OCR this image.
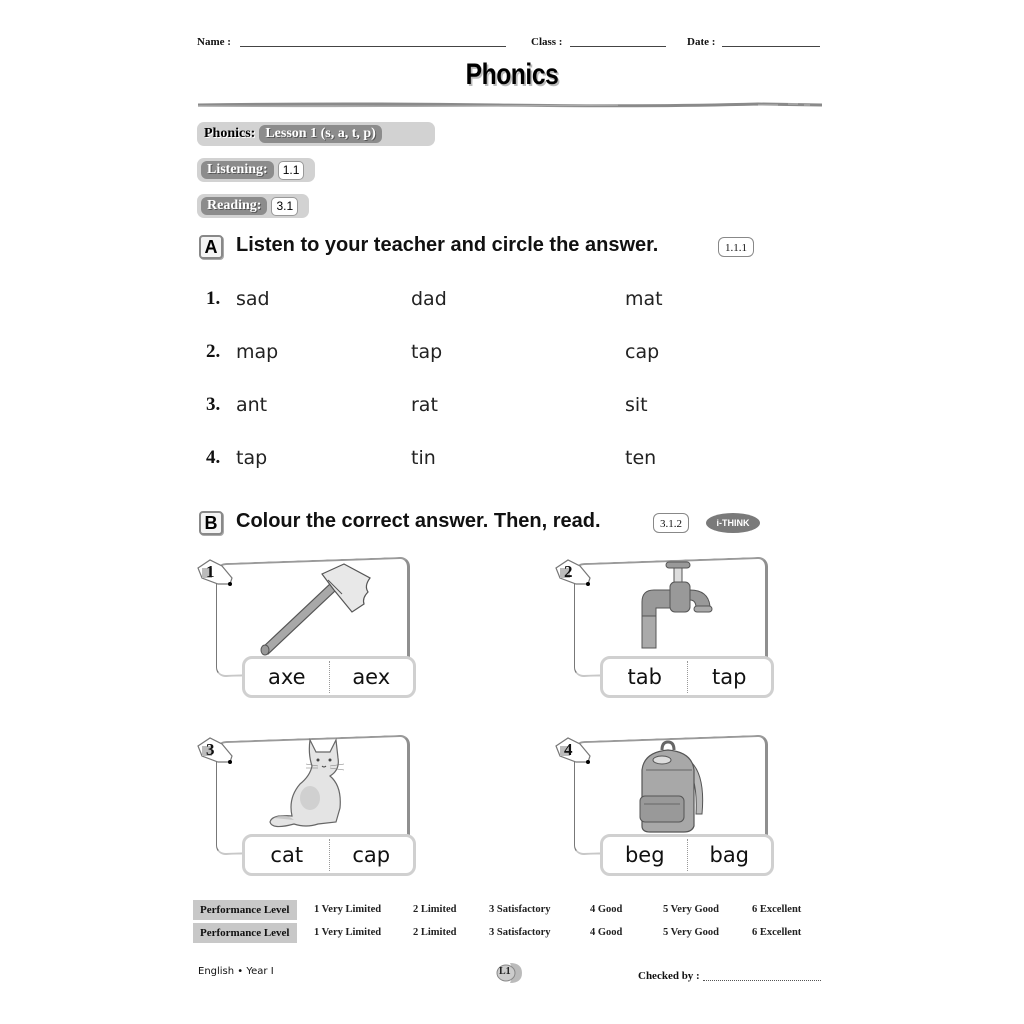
Name :	Class :	Date :
Phonics
Phonics: Lesson 1 (s, a, t, p)
Listening:	1.1
Reading:	3.1
A Listen to your teacher and circle the answer.	1.1.1
1. sad	dad	mat
2. map	tap	cap
3. ant	rat	sit
4. tap	tin	ten
B Colour the correct answer. Then, read.	3.1.2	i-THINK
1
axe	aex
2
tab	tap
3
cat	cap
4
beg	bag
Performance Level	1 Very Limited	2 Limited	3 Satisfactory	4 Good	5 Very Good	6 Excellent
Performance Level	1 Very Limited	2 Limited	3 Satisfactory	4 Good	5 Very Good	6 Excellent
English • Year I	L1	Checked by :
